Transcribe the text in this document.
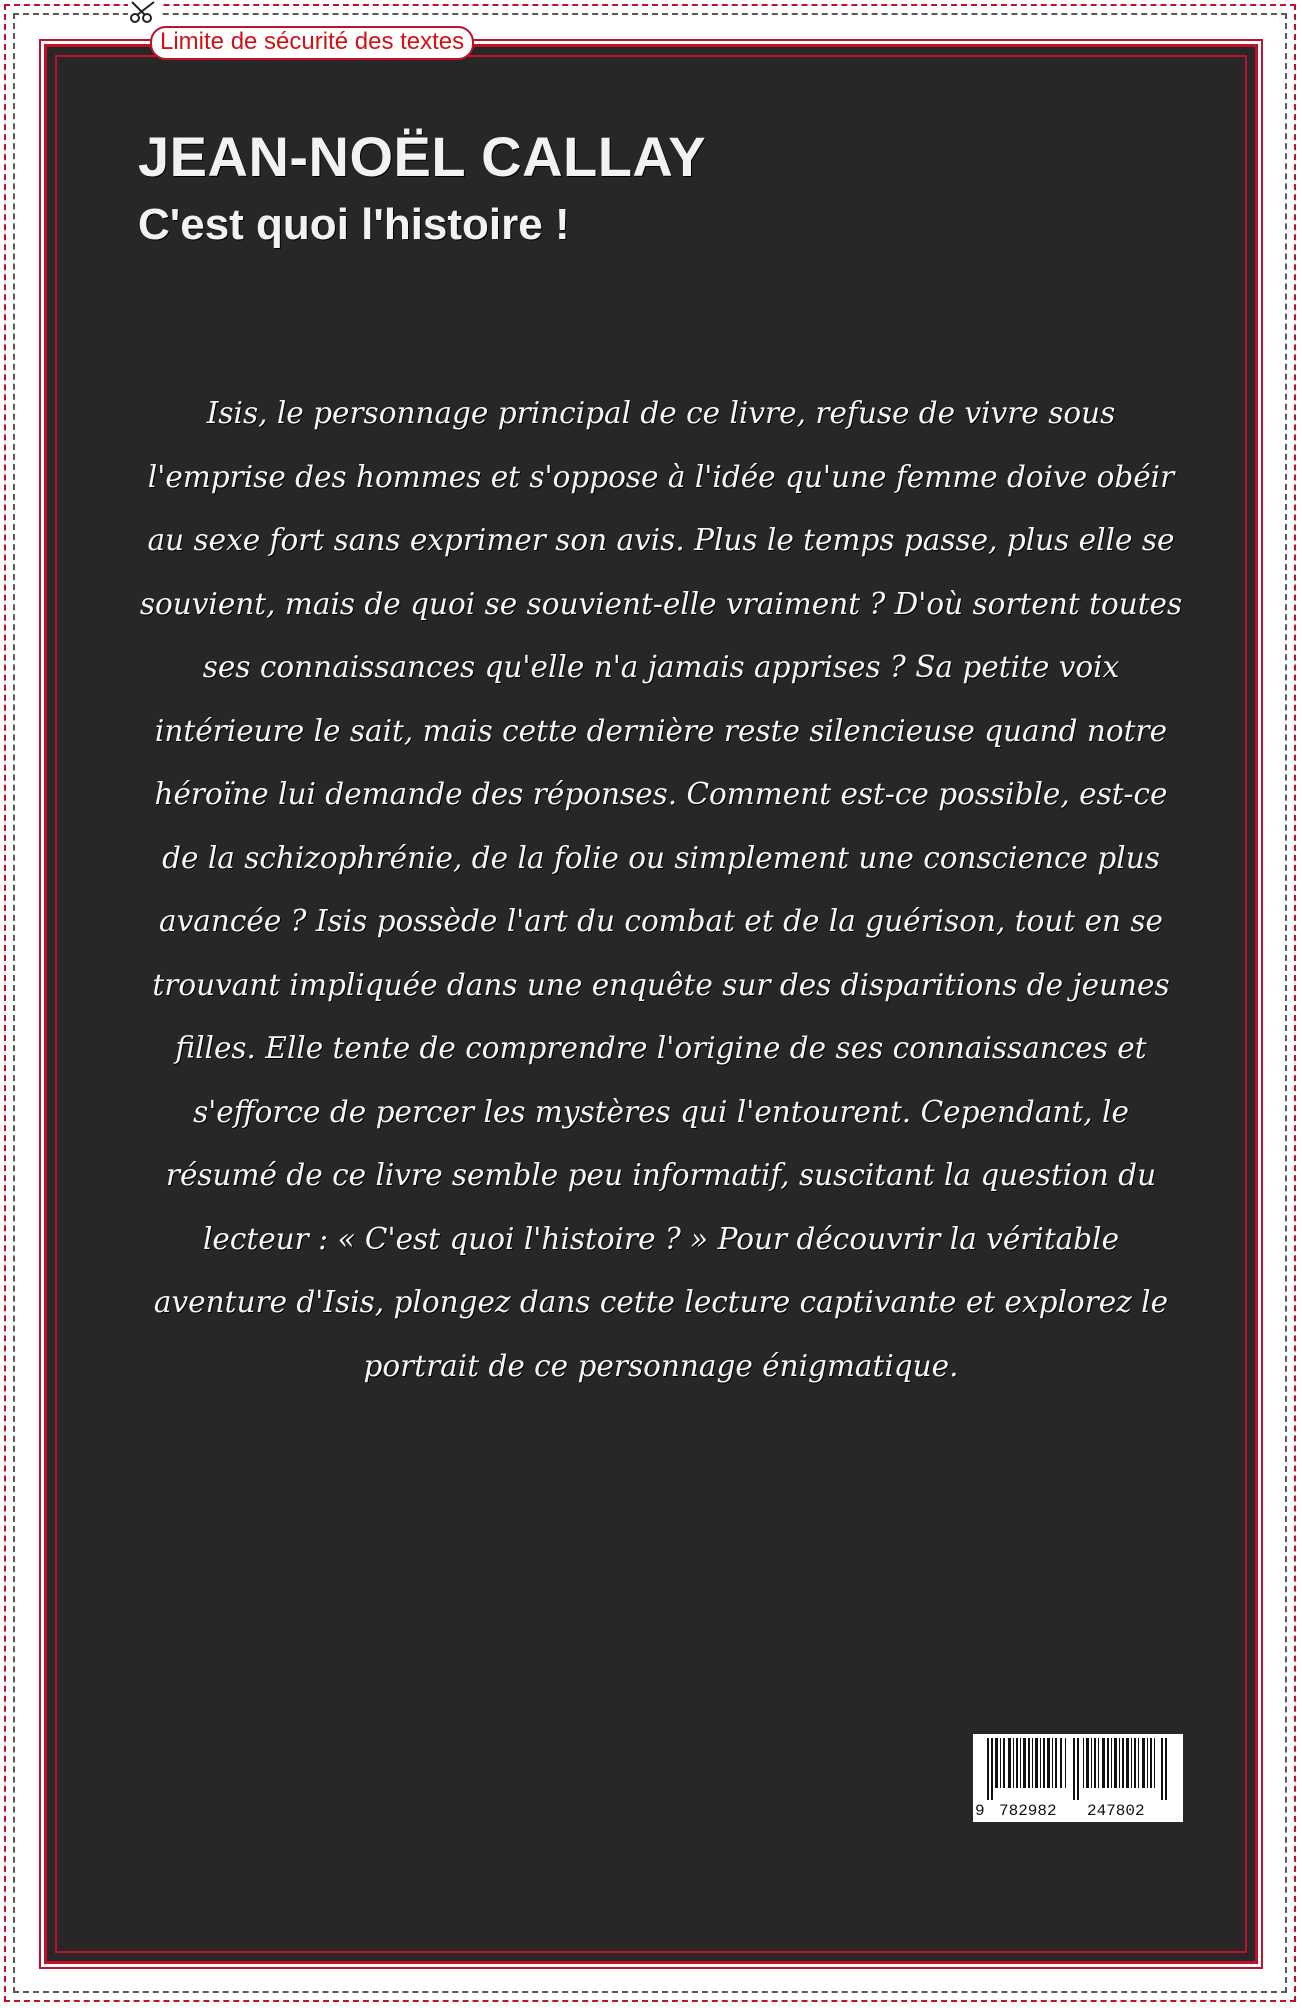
Limite de sécurité des textes
JEAN-NOËL CALLAY
C'est quoi l'histoire !
Isis, le personnage principal de ce livre, refuse de vivre sous l'emprise des hommes et s'oppose à l'idée qu'une femme doive obéir au sexe fort sans exprimer son avis. Plus le temps passe, plus elle se souvient, mais de quoi se souvient-elle vraiment ? D'où sortent toutes ses connaissances qu'elle n'a jamais apprises ? Sa petite voix intérieure le sait, mais cette dernière reste silencieuse quand notre héroïne lui demande des réponses. Comment est-ce possible, est-ce de la schizophrénie, de la folie ou simplement une conscience plus avancée ? Isis possède l'art du combat et de la guérison, tout en se trouvant impliquée dans une enquête sur des disparitions de jeunes filles. Elle tente de comprendre l'origine de ses connaissances et s'efforce de percer les mystères qui l'entourent. Cependant, le résumé de ce livre semble peu informatif, suscitant la question du lecteur : « C'est quoi l'histoire ? » Pour découvrir la véritable aventure d'Isis, plongez dans cette lecture captivante et explorez le portrait de ce personnage énigmatique.
9 782982 247802
